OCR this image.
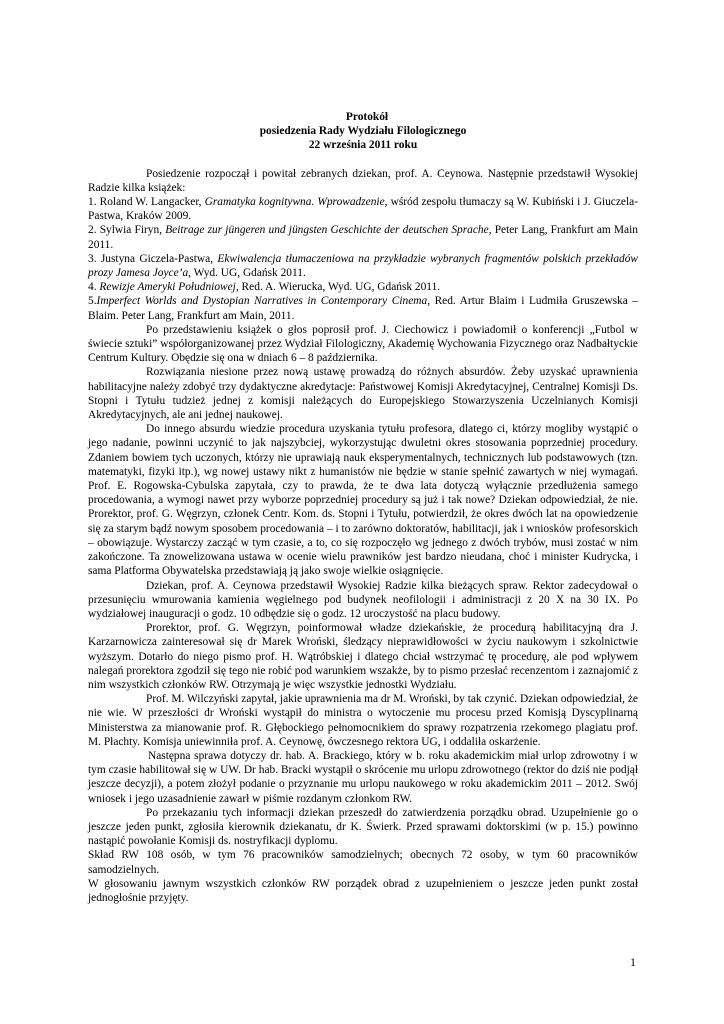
Protokół
posiedzenia Rady Wydziału Filologicznego
22 września 2011 roku

Posiedzenie rozpoczął i powitał zebranych dziekan, prof. A. Ceynowa. Następnie przedstawił Wysokiej Radzie kilka książek:

1. Roland W. Langacker, Gramatyka kognitywna. Wprowadzenie, wśród zespołu tłumaczy są W. Kubiński i J. Giuczela-Pastwa, Kraków 2009.

2. Sylwia Firyn, Beitrage zur jüngeren und jüngsten Geschichte der deutschen Sprache, Peter Lang, Frankfurt am Main 2011.

3. Justyna Giczela-Pastwa, Ekwiwalencja tłumaczeniowa na przykładzie wybranych fragmentów polskich przekładów prozy Jamesa Joyce’a, Wyd. UG, Gdańsk 2011.

4. Rewizje Ameryki Południowej, Red. A. Wierucka, Wyd. UG, Gdańsk 2011.

5.Imperfect Worlds and Dystopian Narratives in Contemporary Cinema, Red. Artur Blaim i Ludmiła Gruszewska – Blaim. Peter Lang, Frankfurt am Main, 2011.

Po przedstawieniu książek o głos poprosił prof. J. Ciechowicz i powiadomił o konferencji „Futbol w świecie sztuki” współorganizowanej przez Wydział Filologiczny, Akademię Wychowania Fizycznego oraz Nadbałtyckie Centrum Kultury. Obędzie się ona w dniach 6 – 8 października.

Rozwiązania niesione przez nową ustawę prowadzą do różnych absurdów. Żeby uzyskać uprawnienia habilitacyjne należy zdobyć trzy dydaktyczne akredytacje: Państwowej Komisji Akredytacyjnej, Centralnej Komisji Ds. Stopni i Tytułu tudzież jednej z komisji należących do Europejskiego Stowarzyszenia Uczelnianych Komisji Akredytacyjnych, ale ani jednej naukowej.

Do innego absurdu wiedzie procedura uzyskania tytułu profesora, dlatego ci, którzy mogliby wystąpić o jego nadanie, powinni uczynić to jak najszybciej, wykorzystując dwuletni okres stosowania poprzedniej procedury. Zdaniem bowiem tych uczonych, którzy nie uprawiają nauk eksperymentalnych, technicznych lub podstawowych (tzn. matematyki, fizyki itp.), wg nowej ustawy nikt z humanistów nie będzie w stanie spełnić zawartych w niej wymagań. Prof. E. Rogowska-Cybulska zapytała, czy to prawda, że te dwa lata dotyczą wyłącznie przedłużenia samego procedowania, a wymogi nawet przy wyborze poprzedniej procedury są już i tak nowe? Dziekan odpowiedział, że nie. Prorektor, prof. G. Węgrzyn, członek Centr. Kom. ds. Stopni i Tytułu, potwierdził, że okres dwóch lat na opowiedzenie się za starym bądź nowym sposobem procedowania – i to zarówno doktoratów, habilitacji, jak i wniosków profesorskich – obowiązuje. Wystarczy zacząć w tym czasie, a to, co się rozpoczęło wg jednego z dwóch trybów, musi zostać w nim zakończone. Ta znowelizowana ustawa w ocenie wielu prawników jest bardzo nieudana, choć i minister Kudrycka, i sama Platforma Obywatelska przedstawiają ją jako swoje wielkie osiągnięcie.

Dziekan, prof. A. Ceynowa przedstawił Wysokiej Radzie kilka bieżących spraw. Rektor zadecydował o przesunięciu wmurowania kamienia węgielnego pod budynek neofilologii i administracji z 20 X na 30 IX. Po wydziałowej inauguracji o godz. 10 odbędzie się o godz. 12 uroczystość na placu budowy.

Prorektor, prof. G. Węgrzyn, poinformował władze dziekańskie, że procedurą habilitacyjną dra J. Karzarnowicza zainteresował się dr Marek Wroński, śledzący nieprawidłowości w życiu naukowym i szkolnictwie wyższym. Dotarło do niego pismo prof. H. Wątróbskiej i dlatego chciał wstrzymać tę procedurę, ale pod wpływem nalegań prorektora zgodził się tego nie robić pod warunkiem wszakże, by to pismo przesłać recenzentom i zaznajomić z nim wszystkich członków RW. Otrzymają je więc wszystkie jednostki Wydziału.

Prof. M. Wilczyński zapytał, jakie uprawnienia ma dr M. Wroński, by tak czynić. Dziekan odpowiedział, że nie wie. W przeszłości dr Wroński wystąpił do ministra o wytoczenie mu procesu przed Komisją Dyscyplinarną Ministerstwa za mianowanie prof. R. Głębockiego pełnomocnikiem do sprawy rozpatrzenia rzekomego plagiatu prof. M. Płachty. Komisja uniewinniła prof. A. Ceynowę, ówczesnego rektora UG, i oddaliła oskarżenie.

Następna sprawa dotyczy dr. hab. A. Brackiego, który w b. roku akademickim miał urlop zdrowotny i w tym czasie habilitował się w UW. Dr hab. Bracki wystąpił o skrócenie mu urlopu zdrowotnego (rektor do dziś nie podjął jeszcze decyzji), a potem złożył podanie o przyznanie mu urlopu naukowego w roku akademickim 2011 – 2012. Swój wniosek i jego uzasadnienie zawarł w piśmie rozdanym członkom RW.

Po przekazaniu tych informacji dziekan przeszedł do zatwierdzenia porządku obrad. Uzupełnienie go o jeszcze jeden punkt, zgłosiła kierownik dziekanatu, dr K. Świerk. Przed sprawami doktorskimi (w p. 15.) powinno nastąpić powołanie Komisji ds. nostryfikacji dyplomu.

Skład RW 108 osób, w tym 76 pracowników samodzielnych; obecnych 72 osoby, w tym 60 pracowników samodzielnych.

W głosowaniu jawnym wszystkich członków RW porządek obrad z uzupełnieniem o jeszcze jeden punkt został jednogłośnie przyjęty.

1
